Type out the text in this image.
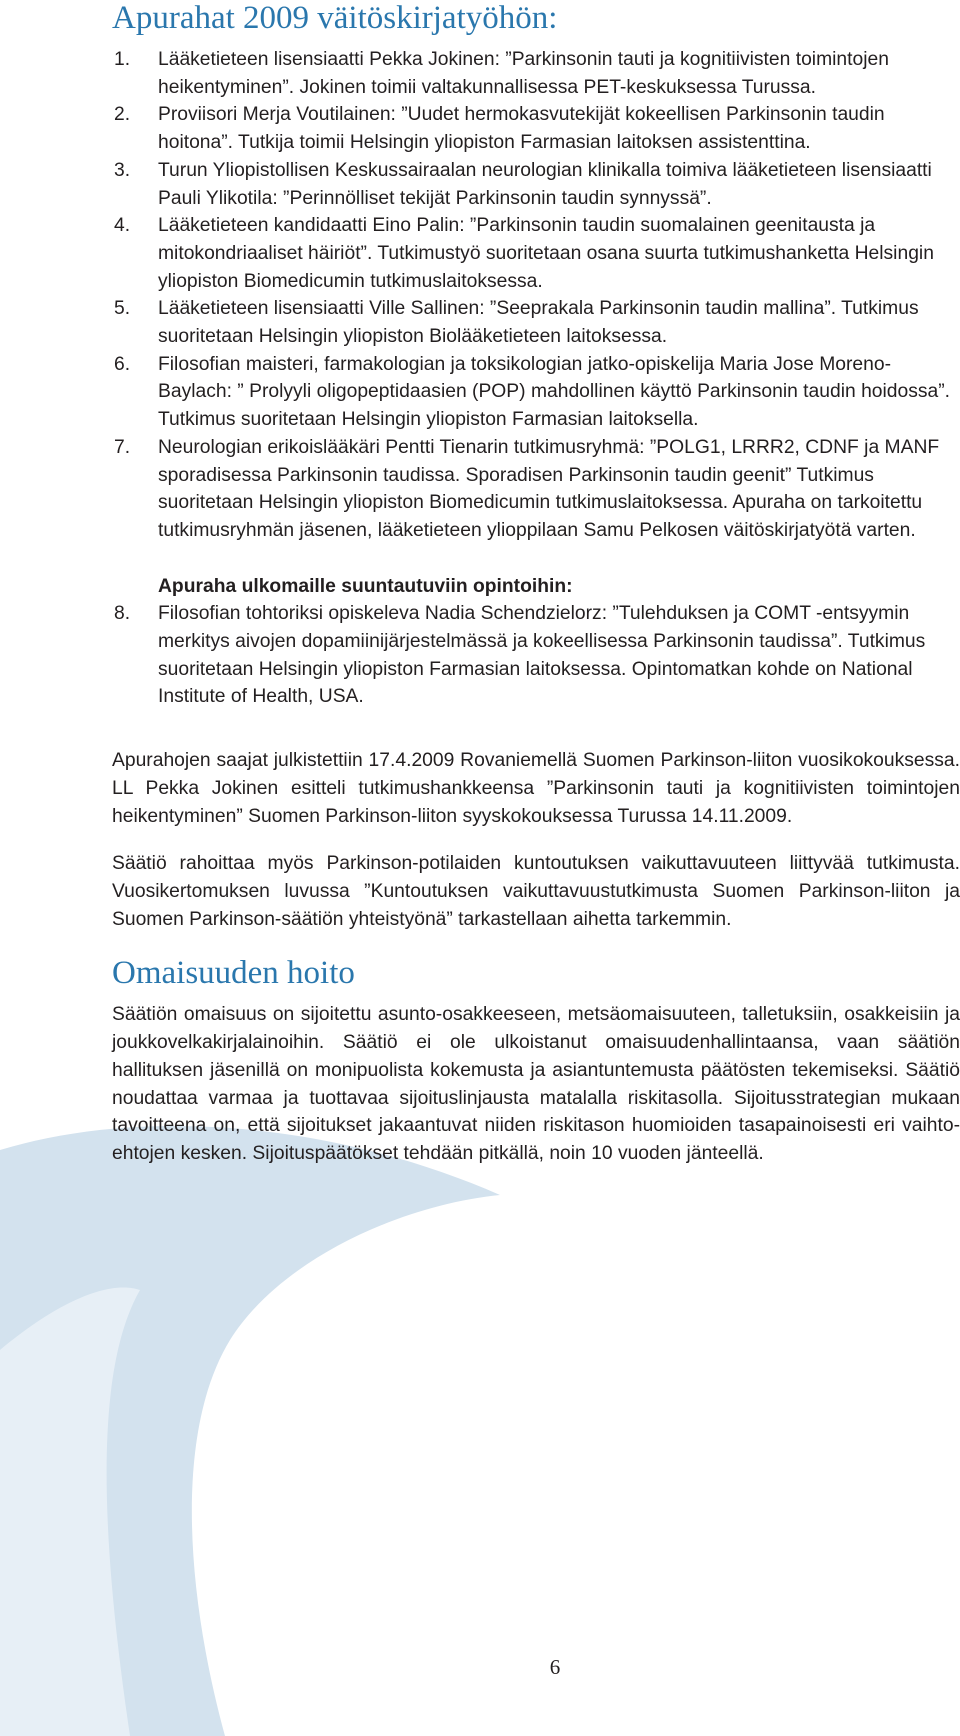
Apurahat 2009 väitöskirjatyöhön:
1. Lääketieteen lisensiaatti Pekka Jokinen: ”Parkinsonin tauti ja kognitiivisten toimintojen heikentyminen”. Jokinen toimii valtakunnallisessa PET-keskuksessa Turussa.
2. Proviisori Merja Voutilainen: ”Uudet hermokasvutekijät kokeellisen Parkinsonin taudin hoitona”. Tutkija toimii Helsingin yliopiston Farmasian laitoksen assistenttina.
3. Turun Yliopistollisen Keskussairaalan neurologian klinikalla toimiva lääketieteen lisensiaatti Pauli Ylikotila: ”Perinnölliset tekijät Parkinsonin taudin synnyssä”.
4. Lääketieteen kandidaatti Eino Palin: ”Parkinsonin taudin suomalainen geenitausta ja mitokondriaaliset häiriöt”. Tutkimustyö suoritetaan osana suurta tutkimushanketta Helsingin yliopiston Biomedicumin tutkimuslaitoksessa.
5. Lääketieteen lisensiaatti Ville Sallinen: ”Seeprakala Parkinsonin taudin mallina”. Tutkimus suoritetaan Helsingin yliopiston Biolääketieteen laitoksessa.
6. Filosofian maisteri, farmakologian ja toksikologian jatko-opiskelija Maria Jose Moreno-Baylach: ” Prolyyli oligopeptidaasien (POP) mahdollinen käyttö Parkinsonin taudin hoidossa”. Tutkimus suoritetaan Helsingin yliopiston Farmasian laitoksella.
7. Neurologian erikoislääkäri Pentti Tienarin tutkimusryhmä: ”POLG1, LRRR2, CDNF ja MANF sporadisessa Parkinsonin taudissa. Sporadisen Parkinsonin taudin geenit” Tutkimus suoritetaan Helsingin yliopiston Biomedicumin tutkimuslaitoksessa. Apuraha on tarkoitettu tutkimusryhmän jäsenen, lääketieteen ylioppilaan Samu Pelkosen väitöskirjatyötä varten.
Apuraha ulkomaille suuntautuviin opintoihin:
8. Filosofian tohtoriksi opiskeleva Nadia Schendzielorz: ”Tulehduksen ja COMT -entsyymin merkitys aivojen dopamiinijärjestelmässä ja kokeellisessa Parkinsonin taudissa”. Tutkimus suoritetaan Helsingin yliopiston Farmasian laitoksessa. Opintomatkan kohde on National Institute of Health, USA.

Apurahojen saajat julkistettiin 17.4.2009 Rovaniemellä Suomen Parkinson-liiton vuosikokouksessa. LL Pekka Jokinen esitteli tutkimushankkeensa ”Parkinsonin tauti ja kognitiivisten toimintojen heikentyminen” Suomen Parkinson-liiton syyskokouksessa Turussa 14.11.2009.

Säätiö rahoittaa myös Parkinson-potilaiden kuntoutuksen vaikuttavuuteen liittyvää tutkimusta. Vuosikertomuksen luvussa ”Kuntoutuksen vaikuttavuustutkimusta Suomen Parkinson-liiton ja Suomen Parkinson-säätiön yhteistyönä” tarkastellaan aihetta tarkemmin.

Omaisuuden hoito

Säätiön omaisuus on sijoitettu asunto-osakkeeseen, metsäomaisuuteen, talletuksiin, osakkeisiin ja joukkovelkakirjalainoihin. Säätiö ei ole ulkoistanut omaisuudenhallintaansa, vaan säätiön hallituksen jäsenillä on monipuolista kokemusta ja asiantuntemusta päätösten tekemiseksi. Säätiö noudattaa varmaa ja tuottavaa sijoituslinjausta matalalla riskitasolla. Sijoitusstrategian mukaan tavoitteena on, että sijoitukset jakaantuvat niiden riskitason huomioiden tasapainoisesti eri vaihtoehtojen kesken. Sijoituspäätökset tehdään pitkällä, noin 10 vuoden jänteellä.

6
